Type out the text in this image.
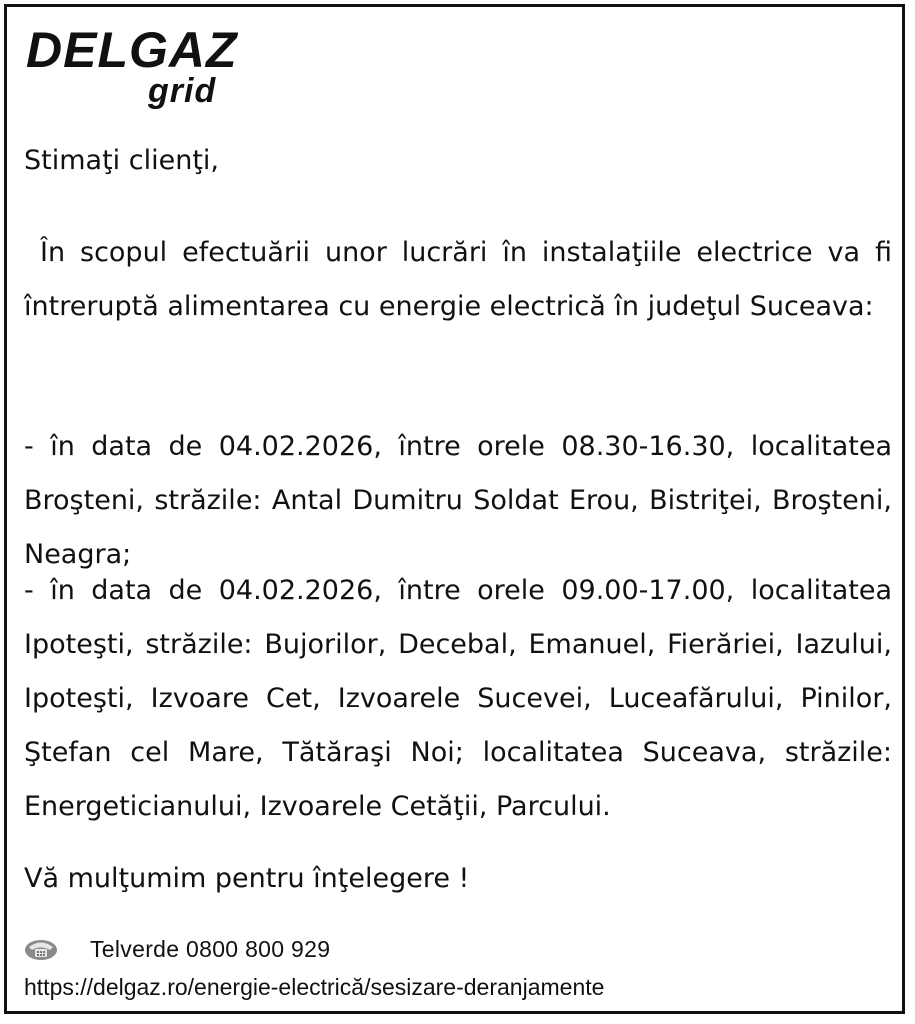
DELGAZ
grid

Stimaţi clienţi,

În scopul efectuării unor lucrări în instalaţiile electrice va fi întreruptă alimentarea cu energie electrică în judeţul Suceava:

- în data de 04.02.2026, între orele 08.30-16.30, localitatea Broşteni, străzile: Antal Dumitru Soldat Erou, Bistriţei, Broşteni, Neagra;

- în data de 04.02.2026, între orele 09.00-17.00, localitatea Ipoteşti, străzile: Bujorilor, Decebal, Emanuel, Fierăriei, Iazului, Ipoteşti, Izvoare Cet, Izvoarele Sucevei, Luceafărului, Pinilor, Ştefan cel Mare, Tătăraşi Noi; localitatea Suceava, străzile: Energeticianului, Izvoarele Cetăţii, Parcului.

Vă mulţumim pentru înţelegere !

Telverde 0800 800 929
https://delgaz.ro/energie-electrică/sesizare-deranjamente
